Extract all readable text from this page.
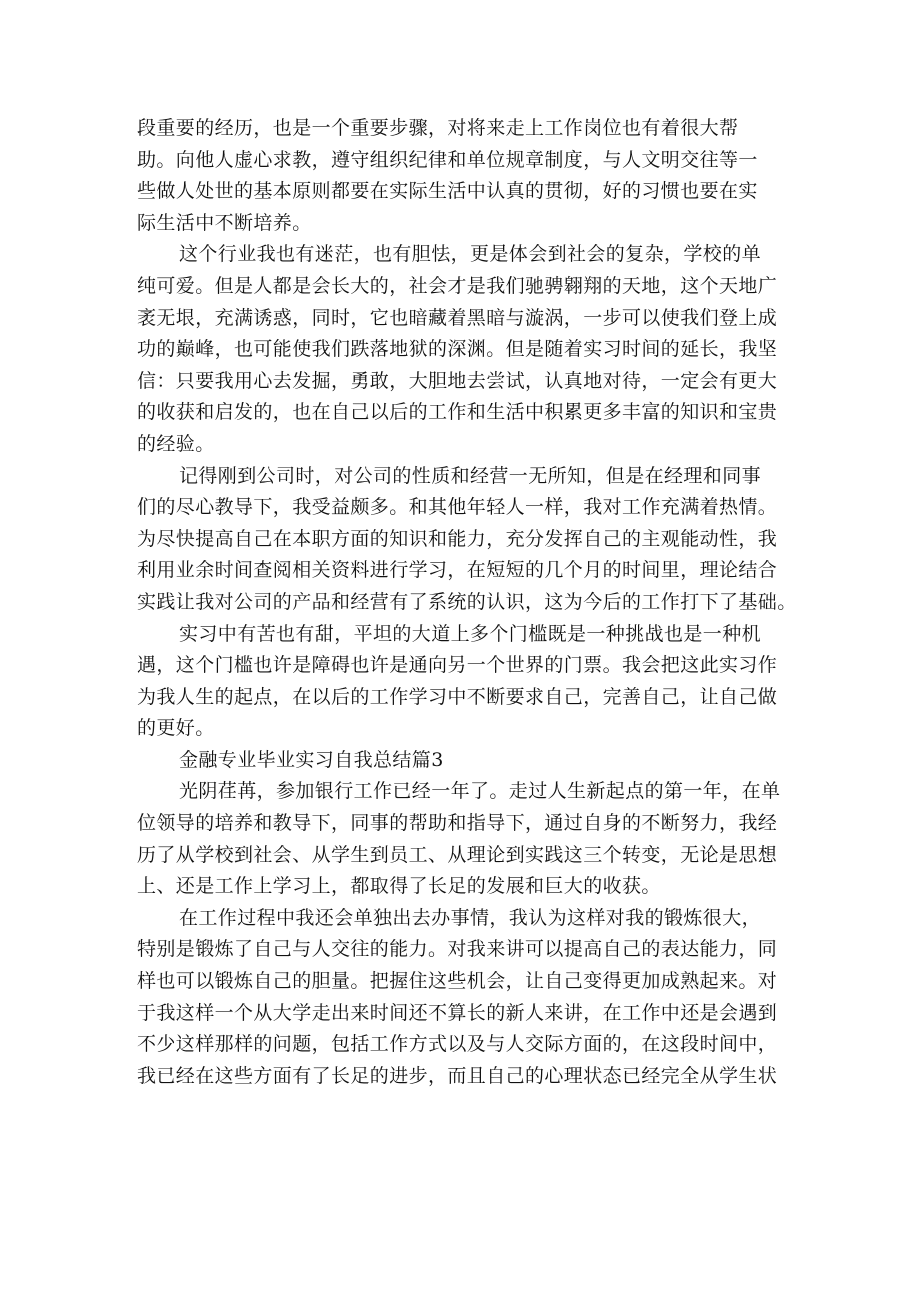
段重要的经历，也是一个重要步骤，对将来走上工作岗位也有着很大帮
助。向他人虚心求教，遵守组织纪律和单位规章制度，与人文明交往等一
些做人处世的基本原则都要在实际生活中认真的贯彻，好的习惯也要在实
际生活中不断培养。
这个行业我也有迷茫，也有胆怯，更是体会到社会的复杂，学校的单
纯可爱。但是人都是会长大的，社会才是我们驰骋翱翔的天地，这个天地广
袤无垠，充满诱惑，同时，它也暗藏着黑暗与漩涡，一步可以使我们登上成
功的巅峰，也可能使我们跌落地狱的深渊。但是随着实习时间的延长，我坚
信：只要我用心去发掘，勇敢，大胆地去尝试，认真地对待，一定会有更大
的收获和启发的，也在自己以后的工作和生活中积累更多丰富的知识和宝贵
的经验。
记得刚到公司时，对公司的性质和经营一无所知，但是在经理和同事
们的尽心教导下，我受益颇多。和其他年轻人一样，我对工作充满着热情。
为尽快提高自己在本职方面的知识和能力，充分发挥自己的主观能动性，我
利用业余时间查阅相关资料进行学习，在短短的几个月的时间里，理论结合
实践让我对公司的产品和经营有了系统的认识，这为今后的工作打下了基础。
实习中有苦也有甜，平坦的大道上多个门槛既是一种挑战也是一种机
遇，这个门槛也许是障碍也许是通向另一个世界的门票。我会把这此实习作
为我人生的起点，在以后的工作学习中不断要求自己，完善自己，让自己做
的更好。
金融专业毕业实习自我总结篇3
光阴荏苒，参加银行工作已经一年了。走过人生新起点的第一年，在单
位领导的培养和教导下，同事的帮助和指导下，通过自身的不断努力，我经
历了从学校到社会、从学生到员工、从理论到实践这三个转变，无论是思想
上、还是工作上学习上，都取得了长足的发展和巨大的收获。
在工作过程中我还会单独出去办事情，我认为这样对我的锻炼很大，
特别是锻炼了自己与人交往的能力。对我来讲可以提高自己的表达能力，同
样也可以锻炼自己的胆量。把握住这些机会，让自己变得更加成熟起来。对
于我这样一个从大学走出来时间还不算长的新人来讲，在工作中还是会遇到
不少这样那样的问题，包括工作方式以及与人交际方面的，在这段时间中，
我已经在这些方面有了长足的进步，而且自己的心理状态已经完全从学生状
